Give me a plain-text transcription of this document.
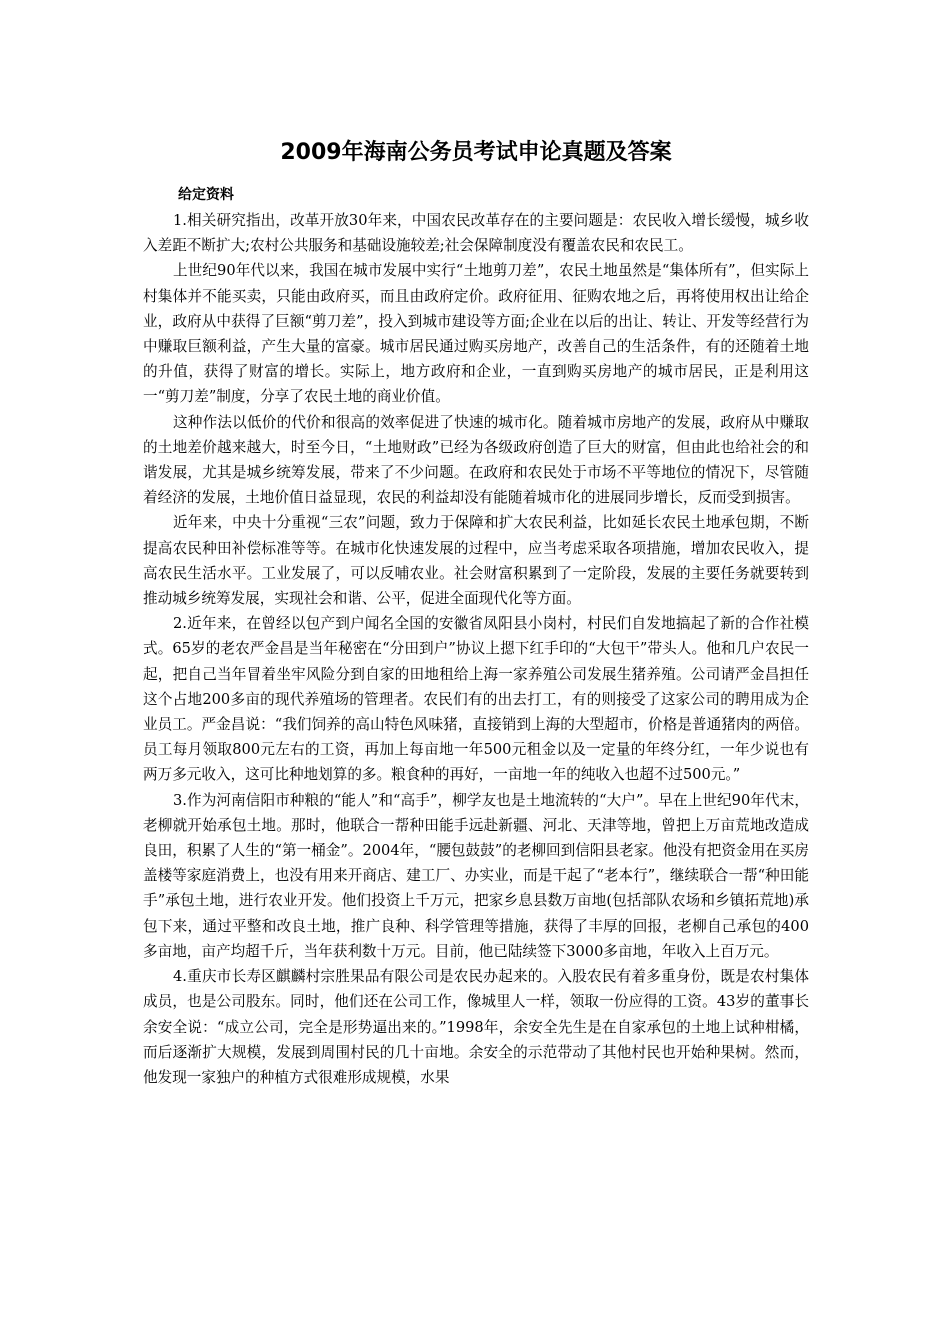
2009年海南公务员考试申论真题及答案

给定资料

1.相关研究指出，改革开放30年来，中国农民改革存在的主要问题是：农民收入增长缓慢，城乡收入差距不断扩大;农村公共服务和基础设施较差;社会保障制度没有覆盖农民和农民工。

上世纪90年代以来，我国在城市发展中实行“土地剪刀差”，农民土地虽然是“集体所有”，但实际上村集体并不能买卖，只能由政府买，而且由政府定价。政府征用、征购农地之后，再将使用权出让给企业，政府从中获得了巨额“剪刀差”，投入到城市建设等方面;企业在以后的出让、转让、开发等经营行为中赚取巨额利益，产生大量的富豪。城市居民通过购买房地产，改善自己的生活条件，有的还随着土地的升值，获得了财富的增长。实际上，地方政府和企业，一直到购买房地产的城市居民，正是利用这一“剪刀差”制度，分享了农民土地的商业价值。

这种作法以低价的代价和很高的效率促进了快速的城市化。随着城市房地产的发展，政府从中赚取的土地差价越来越大，时至今日，“土地财政”已经为各级政府创造了巨大的财富，但由此也给社会的和谐发展，尤其是城乡统筹发展，带来了不少问题。在政府和农民处于市场不平等地位的情况下，尽管随着经济的发展，土地价值日益显现，农民的利益却没有能随着城市化的进展同步增长，反而受到损害。

近年来，中央十分重视“三农”问题，致力于保障和扩大农民利益，比如延长农民土地承包期，不断提高农民种田补偿标准等等。在城市化快速发展的过程中，应当考虑采取各项措施，增加农民收入，提高农民生活水平。工业发展了，可以反哺农业。社会财富积累到了一定阶段，发展的主要任务就要转到推动城乡统筹发展，实现社会和谐、公平，促进全面现代化等方面。

2.近年来，在曾经以包产到户闻名全国的安徽省凤阳县小岗村，村民们自发地搞起了新的合作社模式。65岁的老农严金昌是当年秘密在“分田到户”协议上摁下红手印的“大包干”带头人。他和几户农民一起，把自己当年冒着坐牢风险分到自家的田地租给上海一家养殖公司发展生猪养殖。公司请严金昌担任这个占地200多亩的现代养殖场的管理者。农民们有的出去打工，有的则接受了这家公司的聘用成为企业员工。严金昌说：“我们饲养的高山特色风味猪，直接销到上海的大型超市，价格是普通猪肉的两倍。员工每月领取800元左右的工资，再加上每亩地一年500元租金以及一定量的年终分红，一年少说也有两万多元收入，这可比种地划算的多。粮食种的再好，一亩地一年的纯收入也超不过500元。”

3.作为河南信阳市种粮的“能人”和“高手”，柳学友也是土地流转的“大户”。早在上世纪90年代末，老柳就开始承包土地。那时，他联合一帮种田能手远赴新疆、河北、天津等地，曾把上万亩荒地改造成良田，积累了人生的“第一桶金”。2004年，“腰包鼓鼓”的老柳回到信阳县老家。他没有把资金用在买房盖楼等家庭消费上，也没有用来开商店、建工厂、办实业，而是干起了“老本行”，继续联合一帮“种田能手”承包土地，进行农业开发。他们投资上千万元，把家乡息县数万亩地(包括部队农场和乡镇拓荒地)承包下来，通过平整和改良土地，推广良种、科学管理等措施，获得了丰厚的回报，老柳自己承包的400多亩地，亩产均超千斤，当年获利数十万元。目前，他已陆续签下3000多亩地，年收入上百万元。

4.重庆市长寿区麒麟村宗胜果品有限公司是农民办起来的。入股农民有着多重身份，既是农村集体成员，也是公司股东。同时，他们还在公司工作，像城里人一样，领取一份应得的工资。43岁的董事长余安全说：“成立公司，完全是形势逼出来的。”1998年，余安全先生是在自家承包的土地上试种柑橘，而后逐渐扩大规模，发展到周围村民的几十亩地。余安全的示范带动了其他村民也开始种果树。然而，他发现一家独户的种植方式很难形成规模，水果
